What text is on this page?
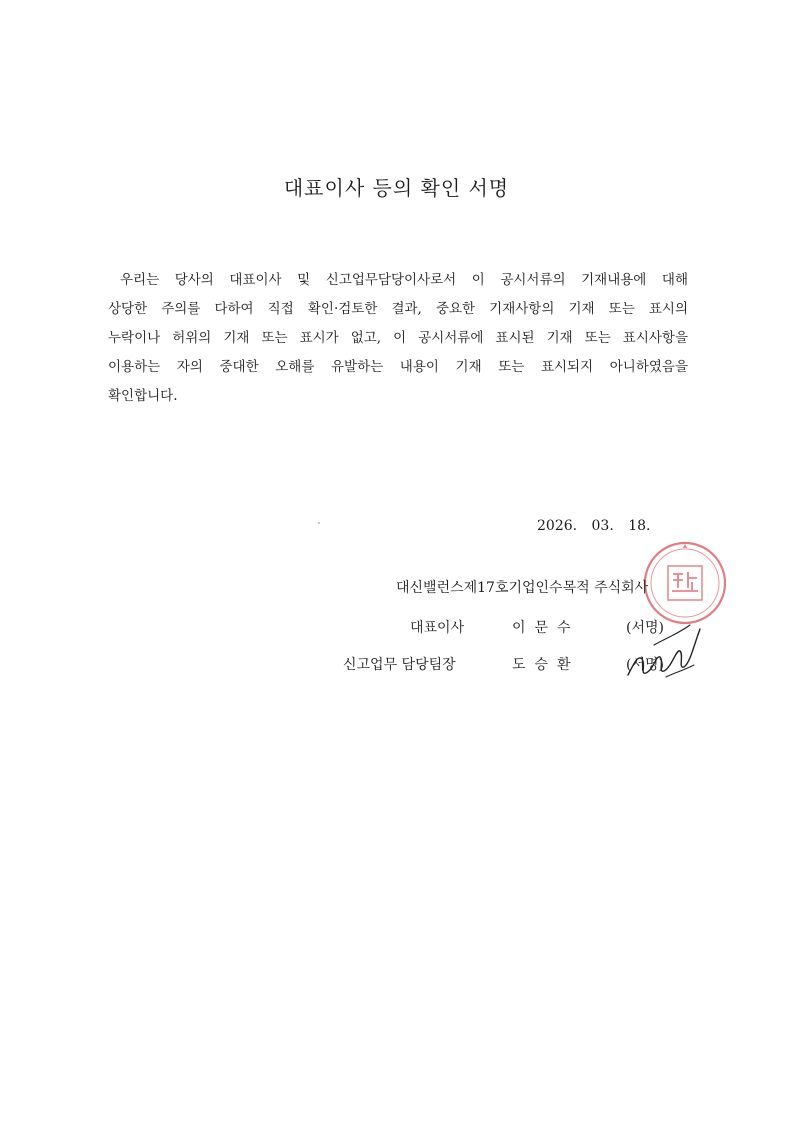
대표이사 등의 확인 서명
우리는 당사의 대표이사 및 신고업무담당이사로서 이 공시서류의 기재내용에 대해
상당한 주의를 다하여 직접 확인·검토한 결과, 중요한 기재사항의 기재 또는 표시의
누락이나 허위의 기재 또는 표시가 없고, 이 공시서류에 표시된 기재 또는 표시사항을
이용하는 자의 중대한 오해를 유발하는 내용이 기재 또는 표시되지 아니하였음을
확인합니다.
2026. 03. 18.
대신밸런스제17호기업인수목적 주식회사
대표이사	이문수	(서명)
신고업무 담당팀장	도승환	(서명)
